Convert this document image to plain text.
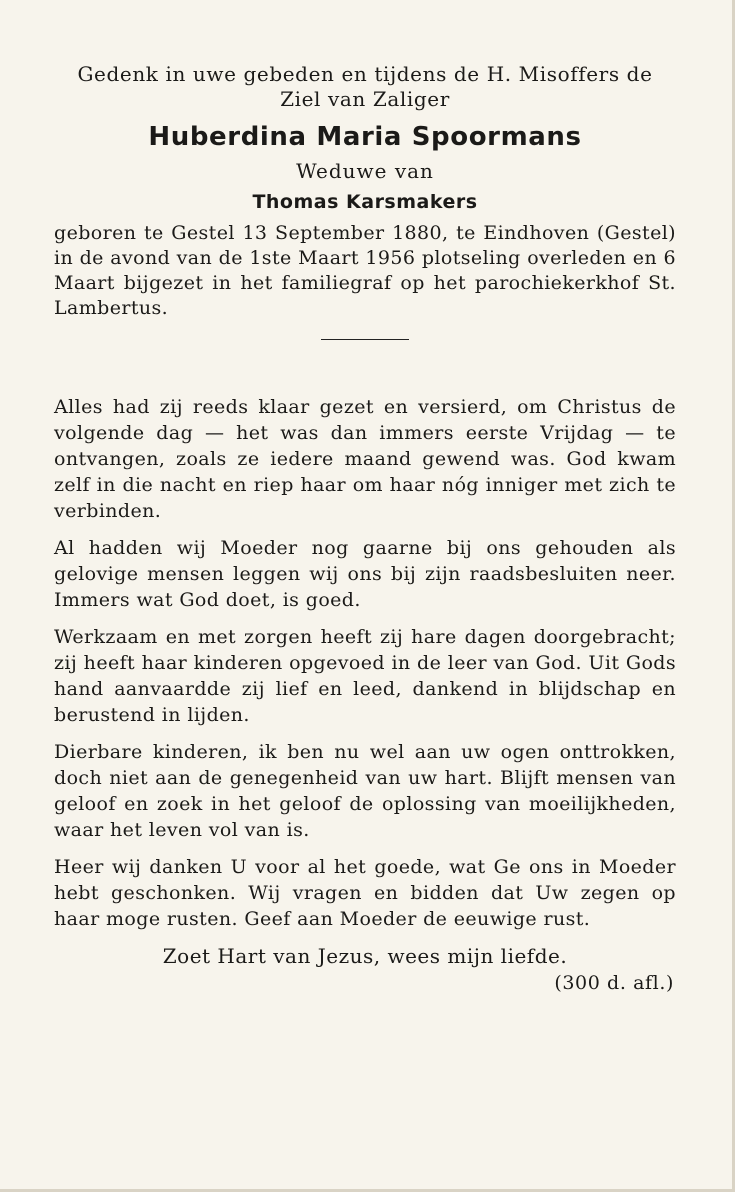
Gedenk in uwe gebeden en tijdens de H. Misoffers de Ziel van Zaliger
Huberdina Maria Spoormans
Weduwe van
Thomas Karsmakers
geboren te Gestel 13 September 1880, te Eindhoven (Gestel) in de avond van de 1ste Maart 1956 plotseling overleden en 6 Maart bijgezet in het familiegraf op het parochiekerkhof St. Lambertus.

Alles had zij reeds klaar gezet en versierd, om Christus de volgende dag — het was dan immers eerste Vrijdag — te ontvangen, zoals ze iedere maand gewend was. God kwam zelf in die nacht en riep haar om haar nóg inniger met zich te verbinden.

Al hadden wij Moeder nog gaarne bij ons gehouden als gelovige mensen leggen wij ons bij zijn raadsbesluiten neer. Immers wat God doet, is goed.

Werkzaam en met zorgen heeft zij hare dagen doorgebracht; zij heeft haar kinderen opgevoed in de leer van God. Uit Gods hand aanvaardde zij lief en leed, dankend in blijdschap en berustend in lijden.

Dierbare kinderen, ik ben nu wel aan uw ogen onttrokken, doch niet aan de genegenheid van uw hart. Blijft mensen van geloof en zoek in het geloof de oplossing van moeilijkheden, waar het leven vol van is.

Heer wij danken U voor al het goede, wat Ge ons in Moeder hebt geschonken. Wij vragen en bidden dat Uw zegen op haar moge rusten. Geef aan Moeder de eeuwige rust.

Zoet Hart van Jezus, wees mijn liefde.
(300 d. afl.)
